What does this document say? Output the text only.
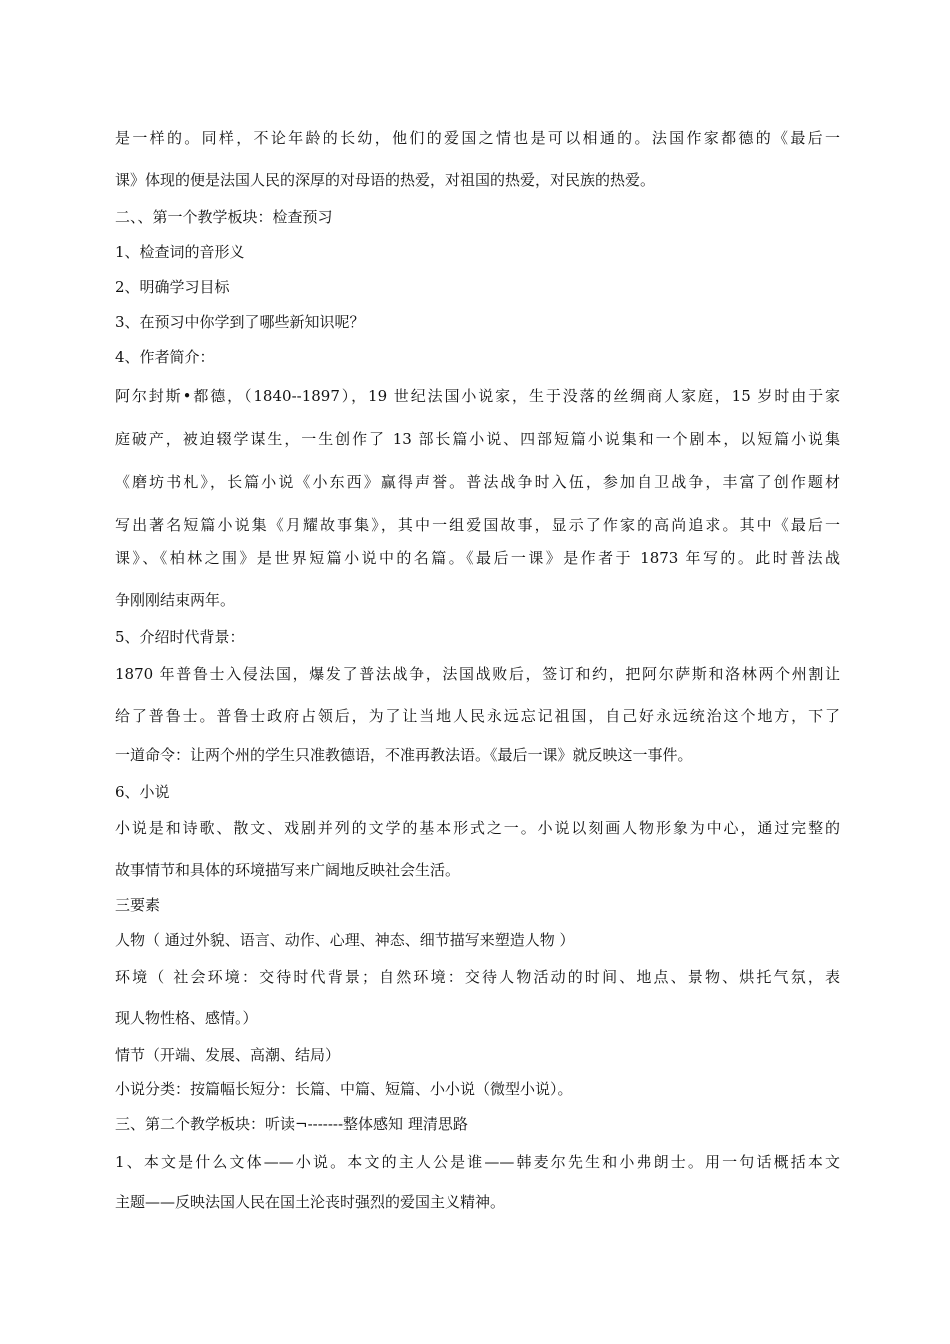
是一样的。同样，不论年龄的长幼，他们的爱国之情也是可以相通的。法国作家都德的《最后一
课》体现的便是法国人民的深厚的对母语的热爱，对祖国的热爱，对民族的热爱。
二、、第一个教学板块：检查预习
1、检查词的音形义
2、明确学习目标
3、在预习中你学到了哪些新知识呢？
4、作者简介：
阿尔封斯•都德，（1840--1897），19 世纪法国小说家，生于没落的丝绸商人家庭，15 岁时由于家
庭破产，被迫辍学谋生，一生创作了 13 部长篇小说、四部短篇小说集和一个剧本，以短篇小说集
《磨坊书札》，长篇小说《小东西》赢得声誉。普法战争时入伍，参加自卫战争，丰富了创作题材
写出著名短篇小说集《月耀故事集》，其中一组爱国故事，显示了作家的高尚追求。其中《最后一
课》、《柏林之围》是世界短篇小说中的名篇。《最后一课》是作者于 1873 年写的。此时普法战
争刚刚结束两年。
5、介绍时代背景：
1870 年普鲁士入侵法国，爆发了普法战争，法国战败后，签订和约，把阿尔萨斯和洛林两个州割让
给了普鲁士。普鲁士政府占领后，为了让当地人民永远忘记祖国，自己好永远统治这个地方，下了
一道命令：让两个州的学生只准教德语，不准再教法语。《最后一课》就反映这一事件。
6、小说
小说是和诗歌、散文、戏剧并列的文学的基本形式之一。小说以刻画人物形象为中心，通过完整的
故事情节和具体的环境描写来广阔地反映社会生活。
三要素
人物（ 通过外貌、语言、动作、心理、神态、细节描写来塑造人物 ）
环境（ 社会环境：交待时代背景；自然环境：交待人物活动的时间、地点、景物、烘托气氛，表
现人物性格、感情。）
情节（开端、发展、高潮、结局）
小说分类：按篇幅长短分：长篇、中篇、短篇、小小说（微型小说）。
三、第二个教学板块：听读¬-------整体感知 理清思路
1、本文是什么文体——小说。本文的主人公是谁——韩麦尔先生和小弗朗士。用一句话概括本文
主题——反映法国人民在国土沦丧时强烈的爱国主义精神。
